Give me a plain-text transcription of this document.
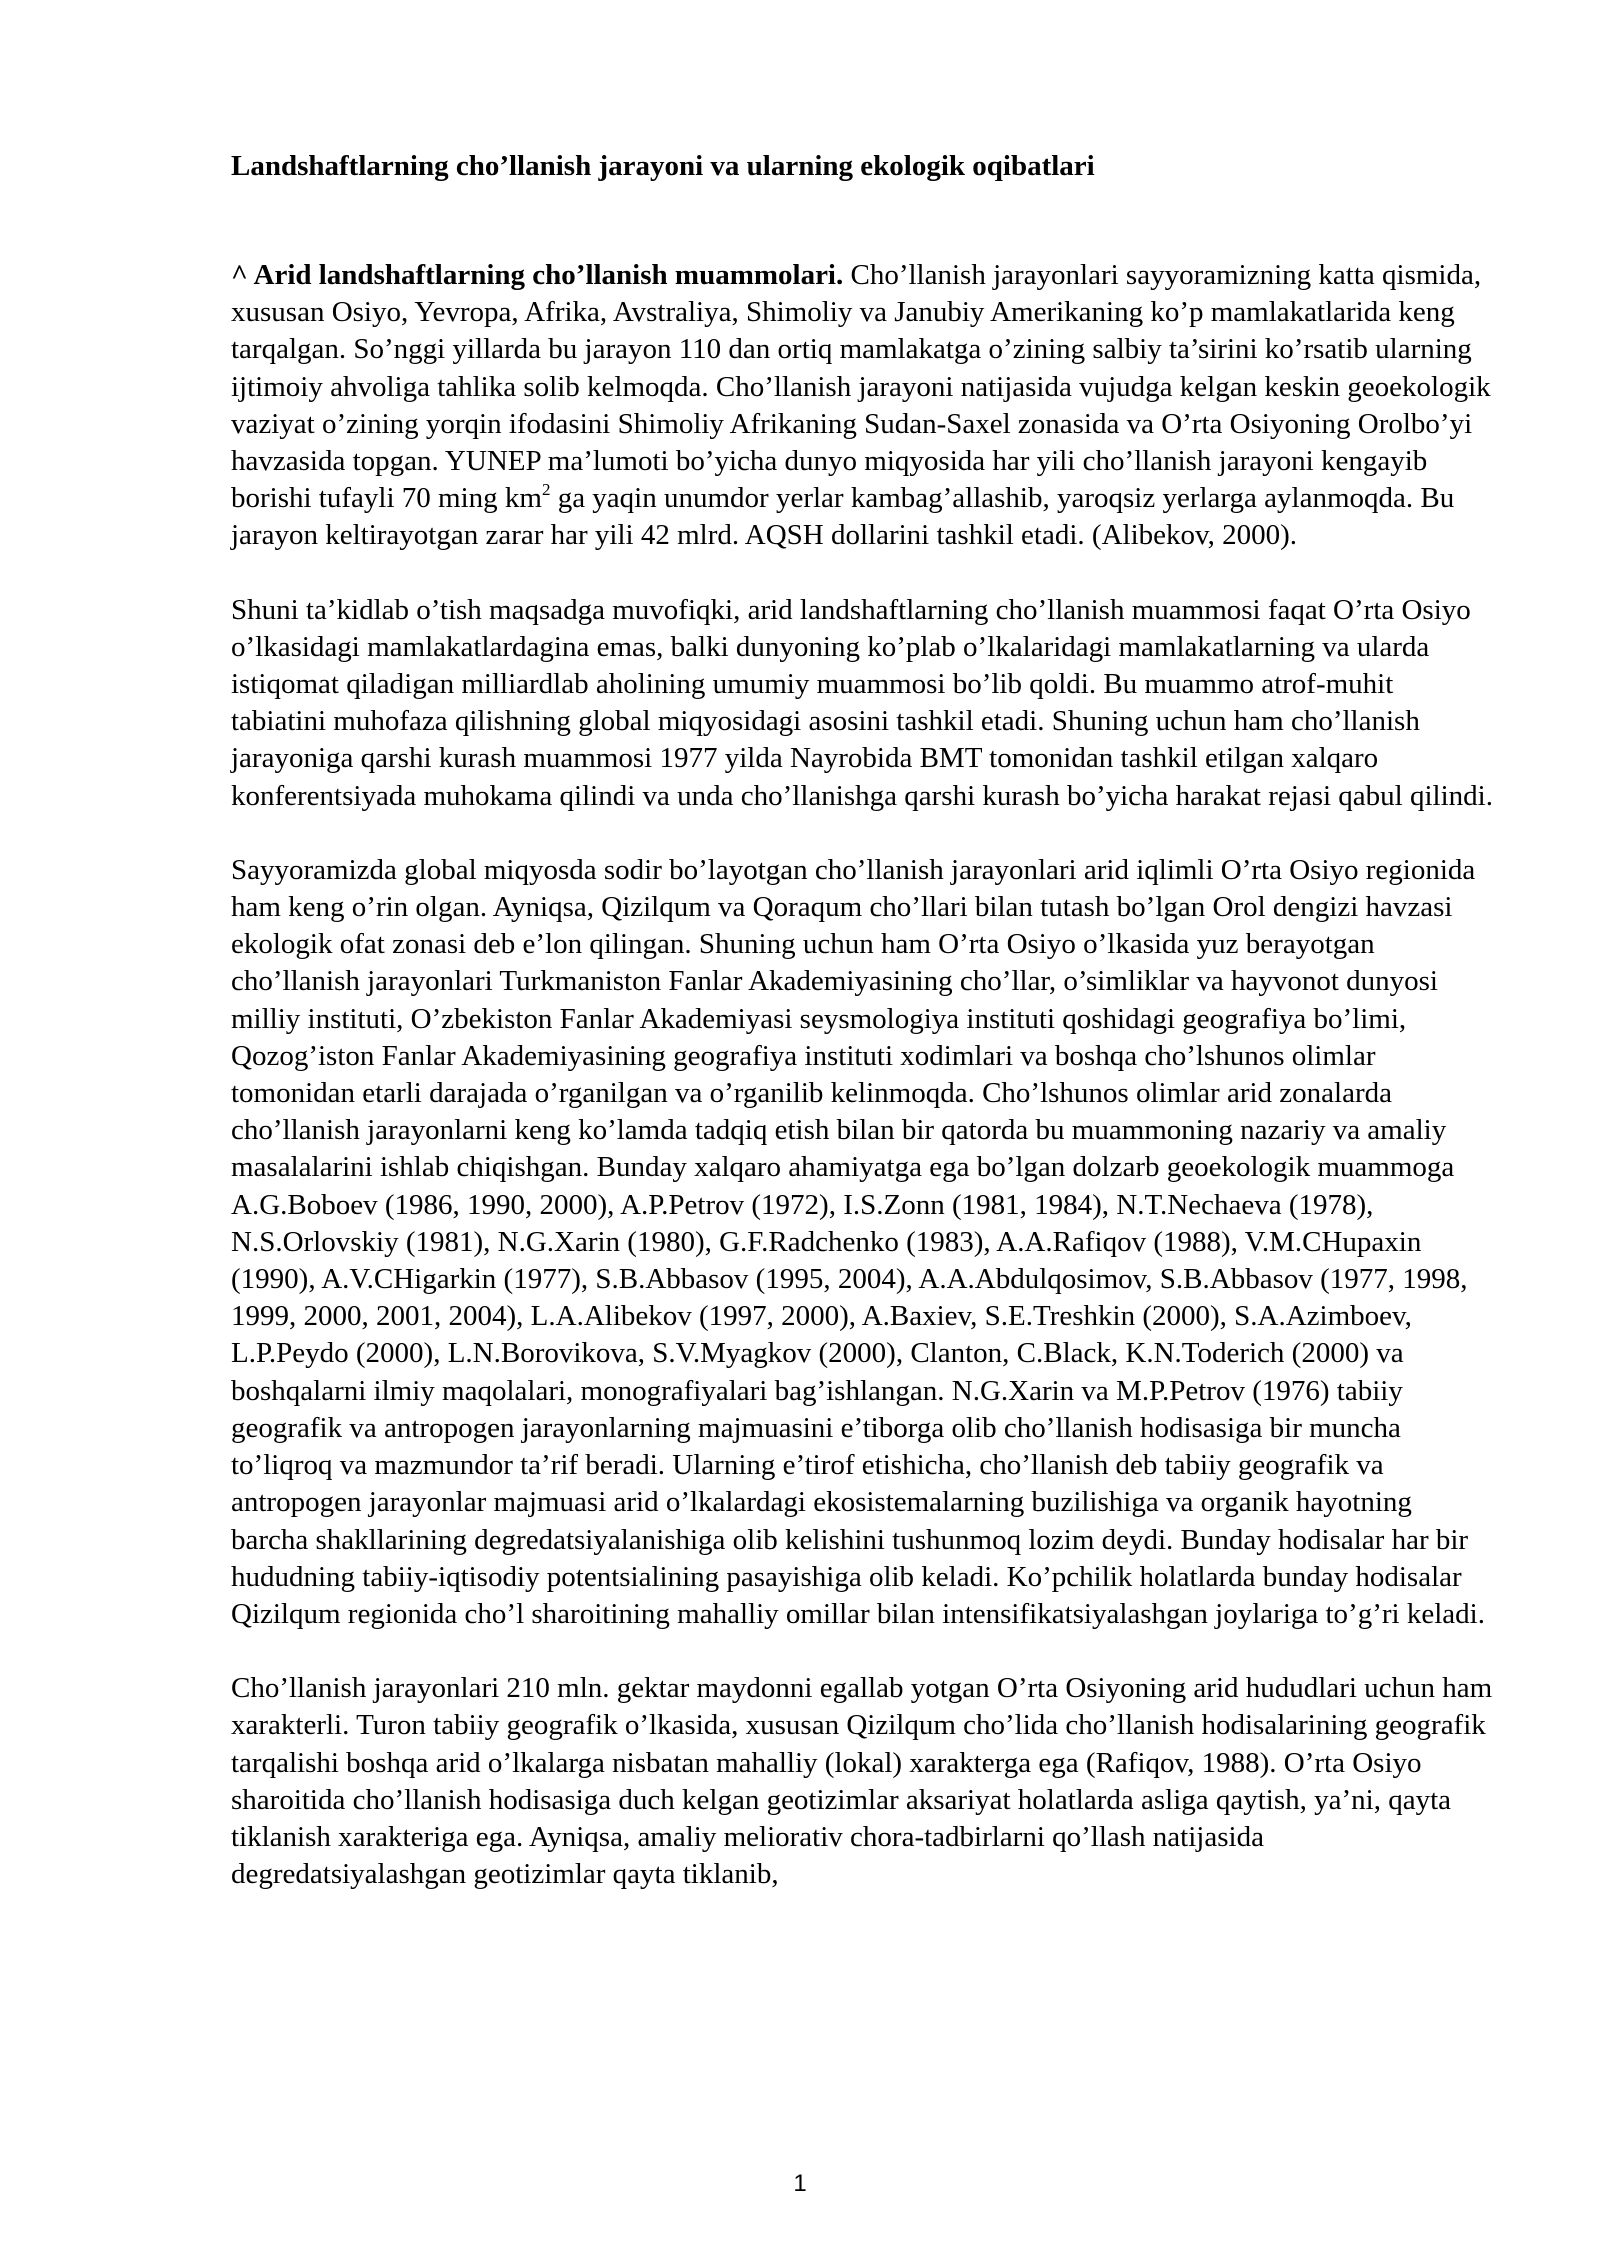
Landshaftlarning cho’llanish jarayoni va ularning ekologik oqibatlari

^ Arid landshaftlarning cho’llanish muammolari. Cho’llanish jarayonlari sayyoramizning katta qismida, xususan Osiyo, Yevropa, Afrika, Avstraliya, Shimoliy va Janubiy Amerikaning ko’p mamlakatlarida keng tarqalgan. So’nggi yillarda bu jarayon 110 dan ortiq mamlakatga o’zining salbiy ta’sirini ko’rsatib ularning ijtimoiy ahvoliga tahlika solib kelmoqda. Cho’llanish jarayoni natijasida vujudga kelgan keskin geoekologik vaziyat o’zining yorqin ifodasini Shimoliy Afrikaning Sudan-Saxel zonasida va O’rta Osiyoning Orolbo’yi havzasida topgan. YUNEP ma’lumoti bo’yicha dunyo miqyosida har yili cho’llanish jarayoni kengayib borishi tufayli 70 ming $km^2$ ga yaqin unumdor yerlar kambag’allashib, yaroqsiz yerlarga aylanmoqda. Bu jarayon keltirayotgan zarar har yili 42 mlrd. AQSH dollarini tashkil etadi. (Alibekov, 2000).

Shuni ta’kidlab o’tish maqsadga muvofiqki, arid landshaftlarning cho’llanish muammosi faqat O’rta Osiyo o’lkasidagi mamlakatlardagina emas, balki dunyoning ko’plab o’lkalaridagi mamlakatlarning va ularda istiqomat qiladigan milliardlab aholining umumiy muammosi bo’lib qoldi. Bu muammo atrof-muhit tabiatini muhofaza qilishning global miqyosidagi asosini tashkil etadi. Shuning uchun ham cho’llanish jarayoniga qarshi kurash muammosi 1977 yilda Nayrobida BMT tomonidan tashkil etilgan xalqaro konferentsiyada muhokama qilindi va unda cho’llanishga qarshi kurash bo’yicha harakat rejasi qabul qilindi.

Sayyoramizda global miqyosda sodir bo’layotgan cho’llanish jarayonlari arid iqlimli O’rta Osiyo regionida ham keng o’rin olgan. Ayniqsa, Qizilqum va Qoraqum cho’llari bilan tutash bo’lgan Orol dengizi havzasi ekologik ofat zonasi deb e’lon qilingan. Shuning uchun ham O’rta Osiyo o’lkasida yuz berayotgan cho’llanish jarayonlari Turkmaniston Fanlar Akademiyasining cho’llar, o’simliklar va hayvonot dunyosi milliy instituti, O’zbekiston Fanlar Akademiyasi seysmologiya instituti qoshidagi geografiya bo’limi, Qozog’iston Fanlar Akademiyasining geografiya instituti xodimlari va boshqa cho’lshunos olimlar tomonidan etarli darajada o’rganilgan va o’rganilib kelinmoqda. Cho’lshunos olimlar arid zonalarda cho’llanish jarayonlarni keng ko’lamda tadqiq etish bilan bir qatorda bu muammoning nazariy va amaliy masalalarini ishlab chiqishgan. Bunday xalqaro ahamiyatga ega bo’lgan dolzarb geoekologik muammoga A.G.Boboev (1986, 1990, 2000), A.P.Petrov (1972), I.S.Zonn (1981, 1984), N.T.Nechaeva (1978), N.S.Orlovskiy (1981), N.G.Xarin (1980), G.F.Radchenko (1983), A.A.Rafiqov (1988), V.M.CHupaxin (1990), A.V.CHigarkin (1977), S.B.Abbasov (1995, 2004), A.A.Abdulqosimov, S.B.Abbasov (1977, 1998, 1999, 2000, 2001, 2004), L.A.Alibekov (1997, 2000), A.Baxiev, S.E.Treshkin (2000), S.A.Azimboev, L.P.Peydo (2000), L.N.Borovikova, S.V.Myagkov (2000), Clanton, C.Black, K.N.Toderich (2000) va boshqalarni ilmiy maqolalari, monografiyalari bag’ishlangan. N.G.Xarin va M.P.Petrov (1976) tabiiy geografik va antropogen jarayonlarning majmuasini e’tiborga olib cho’llanish hodisasiga bir muncha to’liqroq va mazmundor ta’rif beradi. Ularning e’tirof etishicha, cho’llanish deb tabiiy geografik va antropogen jarayonlar majmuasi arid o’lkalardagi ekosistemalarning buzilishiga va organik hayotning barcha shakllarining degredatsiyalanishiga olib kelishini tushunmoq lozim deydi. Bunday hodisalar har bir hududning tabiiy-iqtisodiy potentsialining pasayishiga olib keladi. Ko’pchilik holatlarda bunday hodisalar Qizilqum regionida cho’l sharoitining mahalliy omillar bilan intensifikatsiyalashgan joylariga to’g’ri keladi.

Cho’llanish jarayonlari 210 mln. gektar maydonni egallab yotgan O’rta Osiyoning arid hududlari uchun ham xarakterli. Turon tabiiy geografik o’lkasida, xususan Qizilqum cho’lida cho’llanish hodisalarining geografik tarqalishi boshqa arid o’lkalarga nisbatan mahalliy (lokal) xarakterga ega (Rafiqov, 1988). O’rta Osiyo sharoitida cho’llanish hodisasiga duch kelgan geotizimlar aksariyat holatlarda asliga qaytish, ya’ni, qayta tiklanish xarakteriga ega. Ayniqsa, amaliy meliorativ chora-tadbirlarni qo’llash natijasida degredatsiyalashgan geotizimlar qayta tiklanib,

1
